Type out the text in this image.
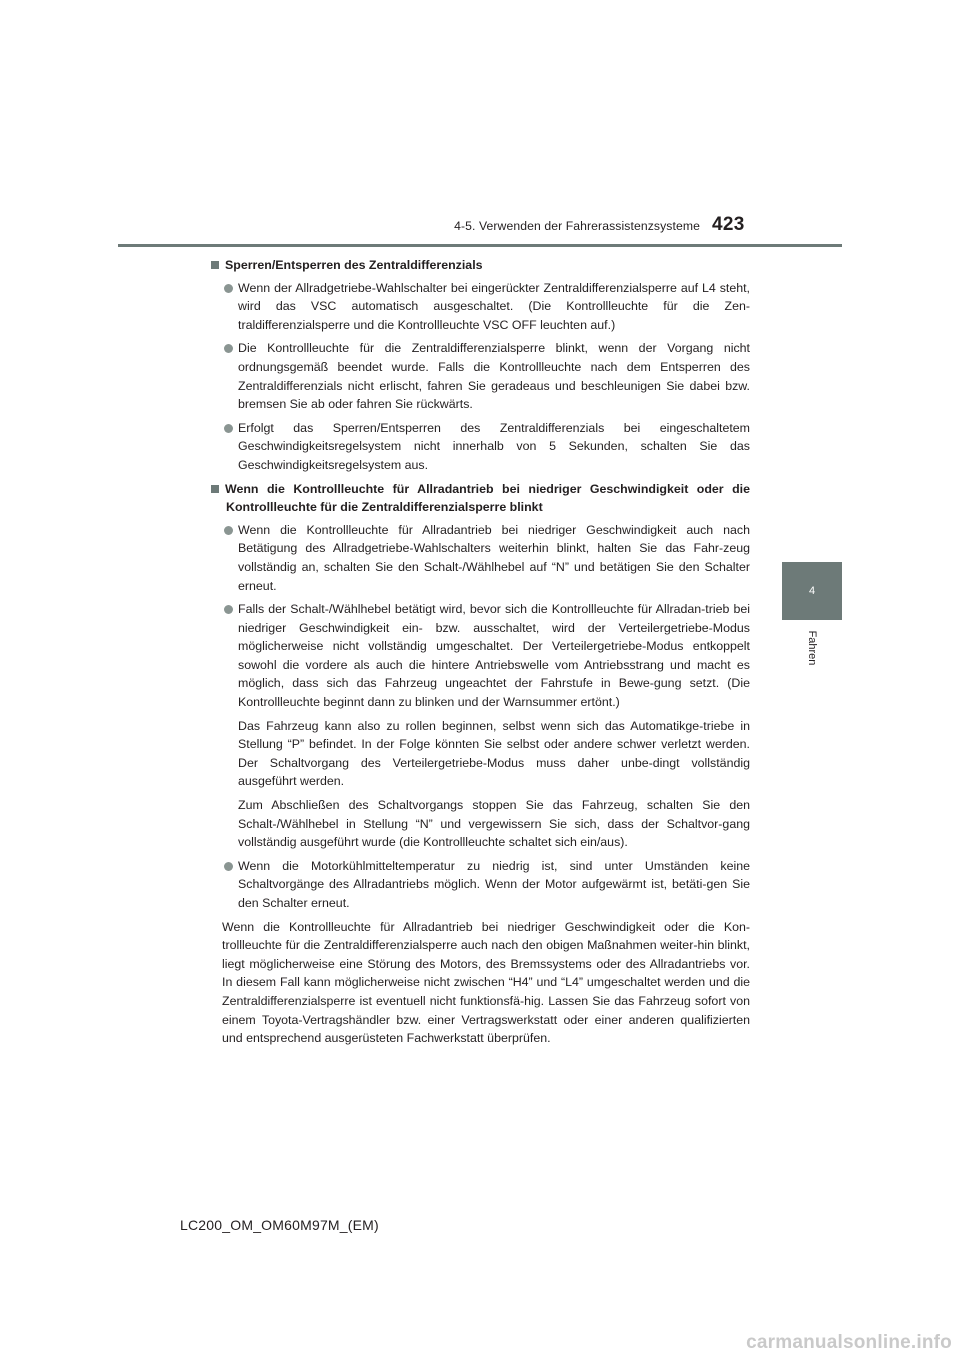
4-5. Verwenden der Fahrerassistenzsysteme 423
4
Fahren
Sperren/Entsperren des Zentraldifferenzials
Wenn der Allradgetriebe-Wahlschalter bei eingerückter Zentraldifferenzialsperre auf L4 steht, wird das VSC automatisch ausgeschaltet. (Die Kontrollleuchte für die Zen-traldifferenzialsperre und die Kontrollleuchte VSC OFF leuchten auf.)
Die Kontrollleuchte für die Zentraldifferenzialsperre blinkt, wenn der Vorgang nicht ordnungsgemäß beendet wurde. Falls die Kontrollleuchte nach dem Entsperren des Zentraldifferenzials nicht erlischt, fahren Sie geradeaus und beschleunigen Sie dabei bzw. bremsen Sie ab oder fahren Sie rückwärts.
Erfolgt das Sperren/Entsperren des Zentraldifferenzials bei eingeschaltetem Geschwindigkeitsregelsystem nicht innerhalb von 5 Sekunden, schalten Sie das Geschwindigkeitsregelsystem aus.
Wenn die Kontrollleuchte für Allradantrieb bei niedriger Geschwindigkeit oder die Kontrollleuchte für die Zentraldifferenzialsperre blinkt
Wenn die Kontrollleuchte für Allradantrieb bei niedriger Geschwindigkeit auch nach Betätigung des Allradgetriebe-Wahlschalters weiterhin blinkt, halten Sie das Fahr-zeug vollständig an, schalten Sie den Schalt-/Wählhebel auf “N” und betätigen Sie den Schalter erneut.
Falls der Schalt-/Wählhebel betätigt wird, bevor sich die Kontrollleuchte für Allradan-trieb bei niedriger Geschwindigkeit ein- bzw. ausschaltet, wird der Verteilergetriebe-Modus möglicherweise nicht vollständig umgeschaltet. Der Verteilergetriebe-Modus entkoppelt sowohl die vordere als auch die hintere Antriebswelle vom Antriebsstrang und macht es möglich, dass sich das Fahrzeug ungeachtet der Fahrstufe in Bewe-gung setzt. (Die Kontrollleuchte beginnt dann zu blinken und der Warnsummer ertönt.)
Das Fahrzeug kann also zu rollen beginnen, selbst wenn sich das Automatikge-triebe in Stellung “P” befindet. In der Folge könnten Sie selbst oder andere schwer verletzt werden. Der Schaltvorgang des Verteilergetriebe-Modus muss daher unbe-dingt vollständig ausgeführt werden.
Zum Abschließen des Schaltvorgangs stoppen Sie das Fahrzeug, schalten Sie den Schalt-/Wählhebel in Stellung “N” und vergewissern Sie sich, dass der Schaltvor-gang vollständig ausgeführt wurde (die Kontrollleuchte schaltet sich ein/aus).
Wenn die Motorkühlmitteltemperatur zu niedrig ist, sind unter Umständen keine Schaltvorgänge des Allradantriebs möglich. Wenn der Motor aufgewärmt ist, betäti-gen Sie den Schalter erneut.
Wenn die Kontrollleuchte für Allradantrieb bei niedriger Geschwindigkeit oder die Kon-trollleuchte für die Zentraldifferenzialsperre auch nach den obigen Maßnahmen weiter-hin blinkt, liegt möglicherweise eine Störung des Motors, des Bremssystems oder des Allradantriebs vor. In diesem Fall kann möglicherweise nicht zwischen “H4” und “L4” umgeschaltet werden und die Zentraldifferenzialsperre ist eventuell nicht funktionsfä-hig. Lassen Sie das Fahrzeug sofort von einem Toyota-Vertragshändler bzw. einer Vertragswerkstatt oder einer anderen qualifizierten und entsprechend ausgerüsteten Fachwerkstatt überprüfen.
LC200_OM_OM60M97M_(EM)
carmanualsonline.info
